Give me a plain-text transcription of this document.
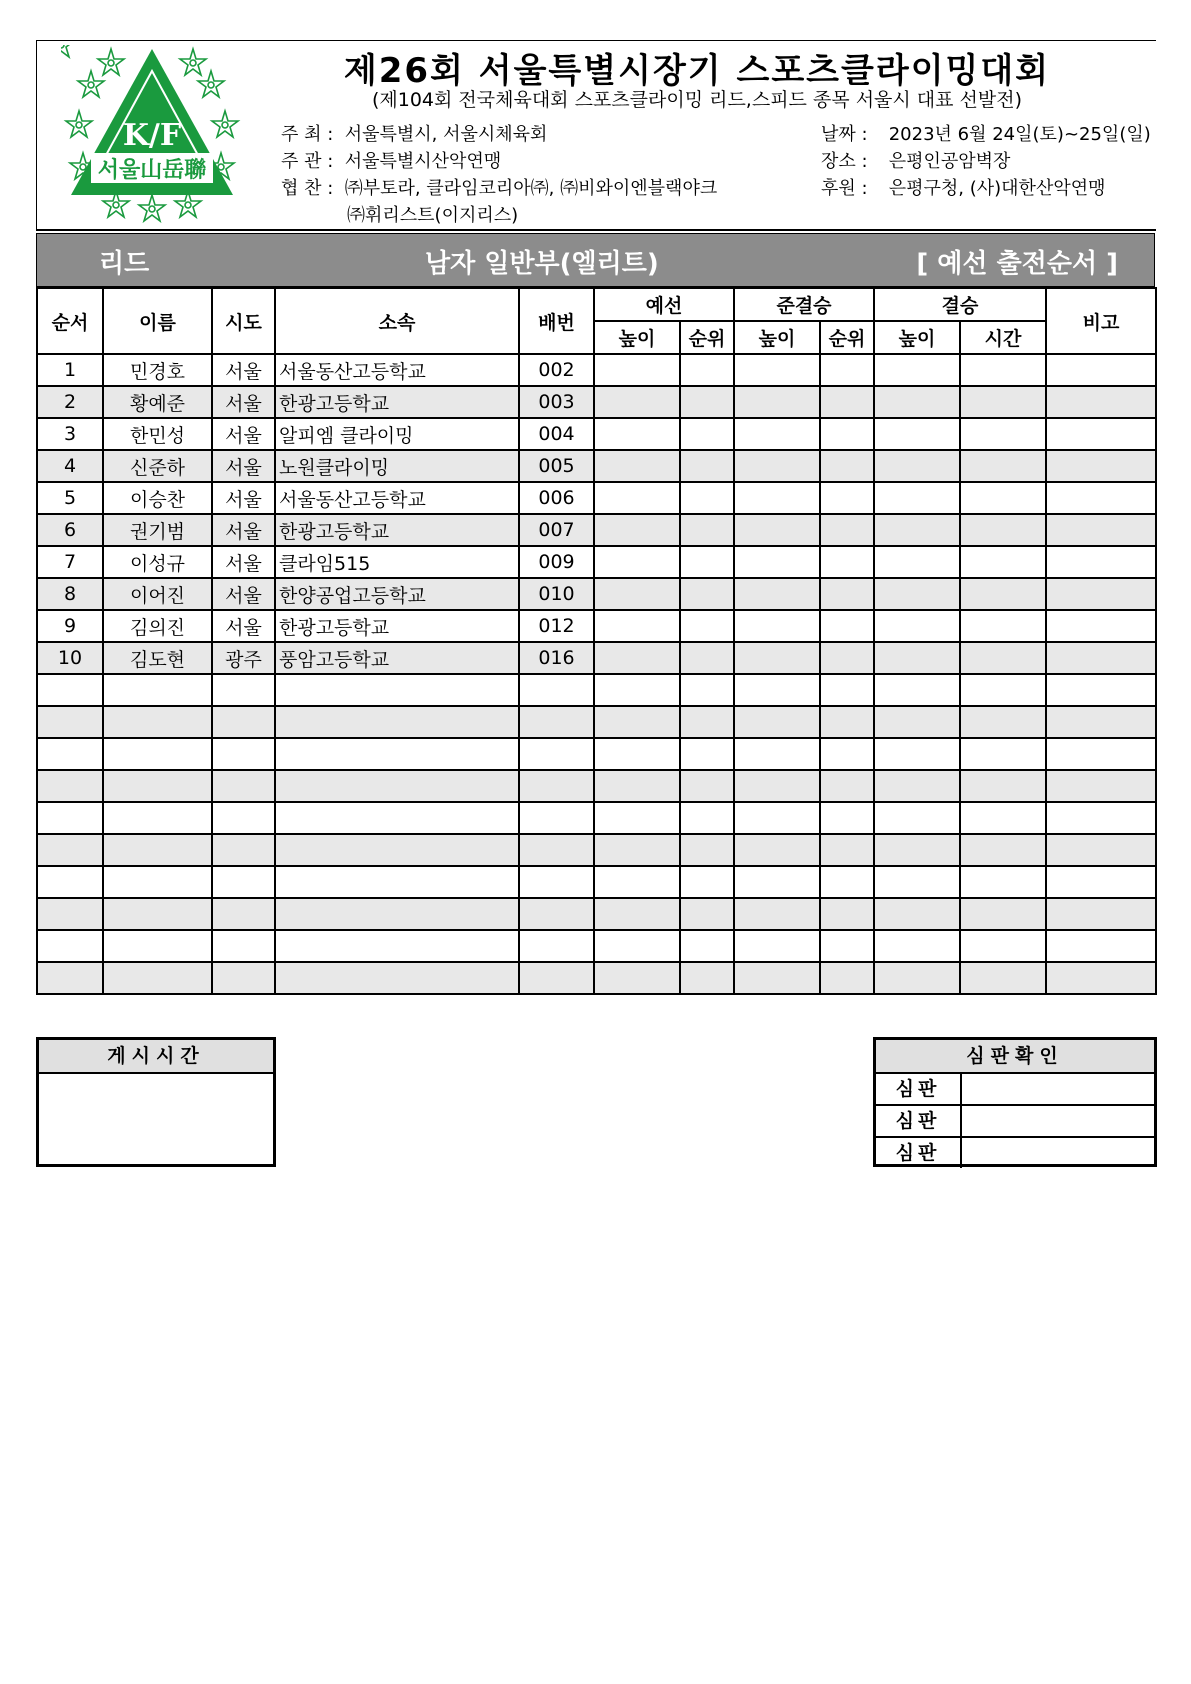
K/F
서울山岳聯
제26회 서울특별시장기 스포츠클라이밍대회
(제104회 전국체육대회 스포츠클라이밍 리드,스피드 종목 서울시 대표 선발전)
주 최 : 서울특별시, 서울시체육회
주 관 : 서울특별시산악연맹
협 찬 : ㈜부토라, 클라임코리아㈜, ㈜비와이엔블랙야크
㈜휘리스트(이지리스)
날짜 : 2023년 6월 24일(토)~25일(일)
장소 : 은평인공암벽장
후원 : 은평구청, (사)대한산악연맹
리드	남자 일반부(엘리트)	[ 예선 출전순서 ]
순서	이름	시도	소속	배번	예선		준결승		결승		비고
					높이	순위	높이	순위	높이	시간	
1	민경호	서울	서울동산고등학교	002							
2	황예준	서울	한광고등학교	003							
3	한민성	서울	알피엠 클라이밍	004							
4	신준하	서울	노원클라이밍	005							
5	이승찬	서울	서울동산고등학교	006							
6	권기범	서울	한광고등학교	007							
7	이성규	서울	클라임515	009							
8	이어진	서울	한양공업고등학교	010							
9	김의진	서울	한광고등학교	012							
10	김도현	광주	풍암고등학교	016							

게시시간	심판확인
심판
심판
심판
